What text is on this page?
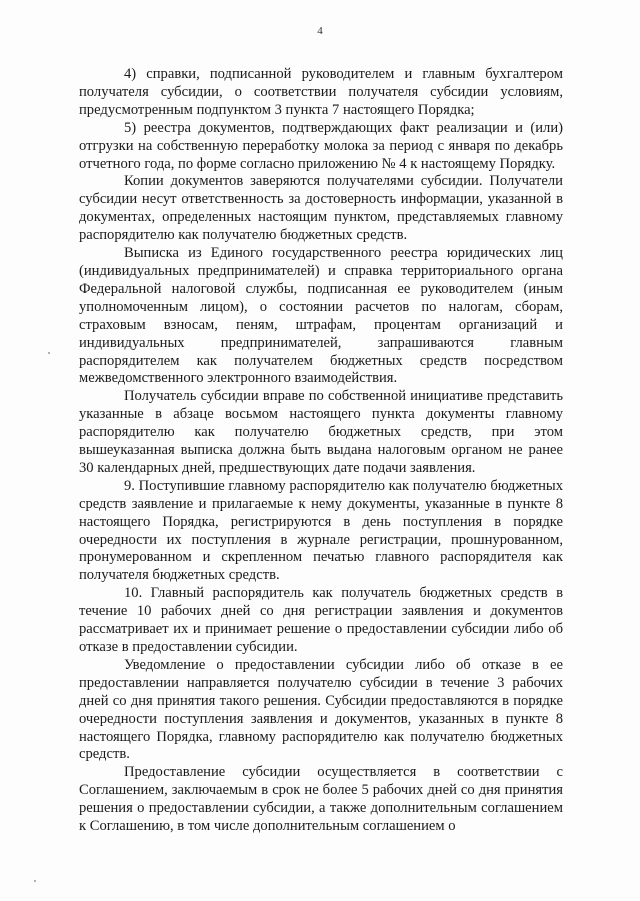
4

4) справки, подписанной руководителем и главным бухгалтером получателя субсидии, о соответствии получателя субсидии условиям, предусмотренным подпунктом 3 пункта 7 настоящего Порядка;

5) реестра документов, подтверждающих факт реализации и (или) отгрузки на собственную переработку молока за период с января по декабрь отчетного года, по форме согласно приложению № 4 к настоящему Порядку.

Копии документов заверяются получателями субсидии. Получатели субсидии несут ответственность за достоверность информации, указанной в документах, определенных настоящим пунктом, представляемых главному распорядителю как получателю бюджетных средств.

Выписка из Единого государственного реестра юридических лиц (индивидуальных предпринимателей) и справка территориального органа Федеральной налоговой службы, подписанная ее руководителем (иным уполномоченным лицом), о состоянии расчетов по налогам, сборам, страховым взносам, пеням, штрафам, процентам организаций и индивидуальных предпринимателей, запрашиваются главным распорядителем как получателем бюджетных средств посредством межведомственного электронного взаимодействия.

Получатель субсидии вправе по собственной инициативе представить указанные в абзаце восьмом настоящего пункта документы главному распорядителю как получателю бюджетных средств, при этом вышеуказанная выписка должна быть выдана налоговым органом не ранее 30 календарных дней, предшествующих дате подачи заявления.

9. Поступившие главному распорядителю как получателю бюджетных средств заявление и прилагаемые к нему документы, указанные в пункте 8 настоящего Порядка, регистрируются в день поступления в порядке очередности их поступления в журнале регистрации, прошнурованном, пронумерованном и скрепленном печатью главного распорядителя как получателя бюджетных средств.

10. Главный распорядитель как получатель бюджетных средств в течение 10 рабочих дней со дня регистрации заявления и документов рассматривает их и принимает решение о предоставлении субсидии либо об отказе в предоставлении субсидии.

Уведомление о предоставлении субсидии либо об отказе в ее предоставлении направляется получателю субсидии в течение 3 рабочих дней со дня принятия такого решения. Субсидии предоставляются в порядке очередности поступления заявления и документов, указанных в пункте 8 настоящего Порядка, главному распорядителю как получателю бюджетных средств.

Предоставление субсидии осуществляется в соответствии с Соглашением, заключаемым в срок не более 5 рабочих дней со дня принятия решения о предоставлении субсидии, а также дополнительным соглашением к Соглашению, в том числе дополнительным соглашением о
